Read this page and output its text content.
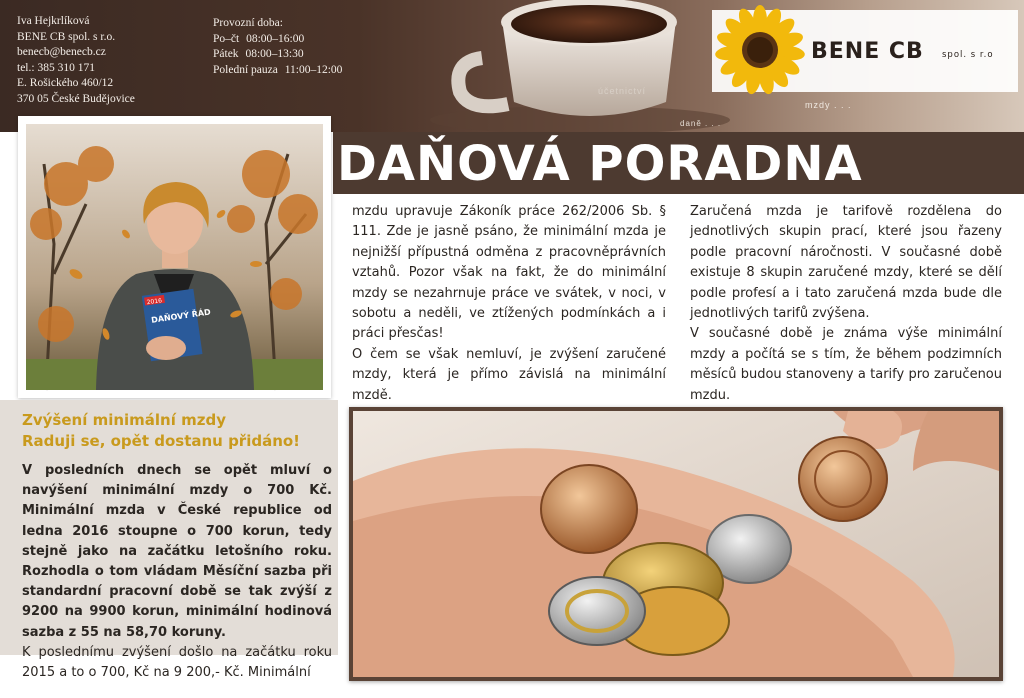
Iva Hejkrlíková
BENE CB spol. s r.o.
benecb@benecb.cz
tel.: 385 310 171
E. Rošického 460/12
370 05 České Budějovice
Provozní doba:
Po–čt 08:00–16:00
Pátek 08:00–13:30
Polední pauza 11:00–12:00
účetnictví
mzdy . . .
daně . . .
BENE CB spol. s r.o
DAŇOVÁ PORADNA
DAŇOVÝ ŘÁD
2016
Zvýšení minimální mzdy
Raduji se, opět dostanu přidáno!
V posledních dnech se opět mluví o navýšení minimální mzdy o 700 Kč. Minimální mzda v České republice od ledna 2016 stoupne o 700 korun, tedy stejně jako na začátku letošního roku. Rozhodla o tom vládam Měsíční sazba při standardní pracovní době se tak zvýší z 9200 na 9900 korun, minimální hodinová sazba z 55 na 58,70 koruny.
K poslednímu zvýšení došlo na začátku roku 2015 a to o 700, Kč na 9 200,- Kč. Minimální

mzdu upravuje Zákoník práce 262/2006 Sb. § 111. Zde je jasně psáno, že minimální mzda je nejnižší přípustná odměna z pracovněprávních vztahů. Pozor však na fakt, že do minimální mzdy se nezahrnuje práce ve svátek, v noci, v sobotu a neděli, ve ztížených podmínkách a i práci přesčas!

O čem se však nemluví, je zvýšení zaručené mzdy, která je přímo závislá na minimální mzdě.

Zaručená mzda je tarifově rozdělena do jednotlivých skupin prací, které jsou řazeny podle pracovní náročnosti. V současné době existuje 8 skupin zaručené mzdy, které se dělí podle profesí a i tato zaručená mzda bude dle jednotlivých tarifů zvýšena.

V současné době je známa výše minimální mzdy a počítá se s tím, že během podzimních měsíců budou stanoveny a tarify pro zaručenou mzdu.
